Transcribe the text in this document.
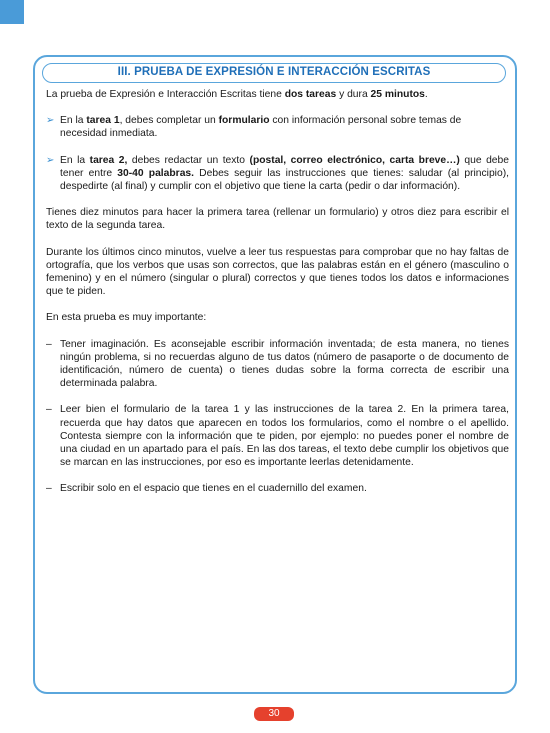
III. PRUEBA DE EXPRESIÓN E INTERACCIÓN ESCRITAS

La prueba de Expresión e Interacción Escritas tiene dos tareas y dura 25 minutos.

➢ En la tarea 1, debes completar un formulario con información personal sobre temas de necesidad inmediata.
➢ En la tarea 2, debes redactar un texto (postal, correo electrónico, carta breve…) que debe tener entre 30-40 palabras. Debes seguir las instrucciones que tienes: saludar (al principio), despedirte (al final) y cumplir con el objetivo que tiene la carta (pedir o dar información).

Tienes diez minutos para hacer la primera tarea (rellenar un formulario) y otros diez para escribir el texto de la segunda tarea.

Durante los últimos cinco minutos, vuelve a leer tus respuestas para comprobar que no hay faltas de ortografía, que los verbos que usas son correctos, que las palabras están en el género (masculino o femenino) y en el número (singular o plural) correctos y que tienes todos los datos e informaciones que te piden.

En esta prueba es muy importante:

– Tener imaginación. Es aconsejable escribir información inventada; de esta manera, no tienes ningún problema, si no recuerdas alguno de tus datos (número de pasaporte o de documento de identificación, número de cuenta) o tienes dudas sobre la forma correcta de escribir una determinada palabra.
– Leer bien el formulario de la tarea 1 y las instrucciones de la tarea 2. En la primera tarea, recuerda que hay datos que aparecen en todos los formularios, como el nombre o el apellido. Contesta siempre con la información que te piden, por ejemplo: no puedes poner el nombre de una ciudad en un apartado para el país. En las dos tareas, el texto debe cumplir los objetivos que se marcan en las instrucciones, por eso es importante leerlas detenidamente.
– Escribir solo en el espacio que tienes en el cuadernillo del examen.
30
